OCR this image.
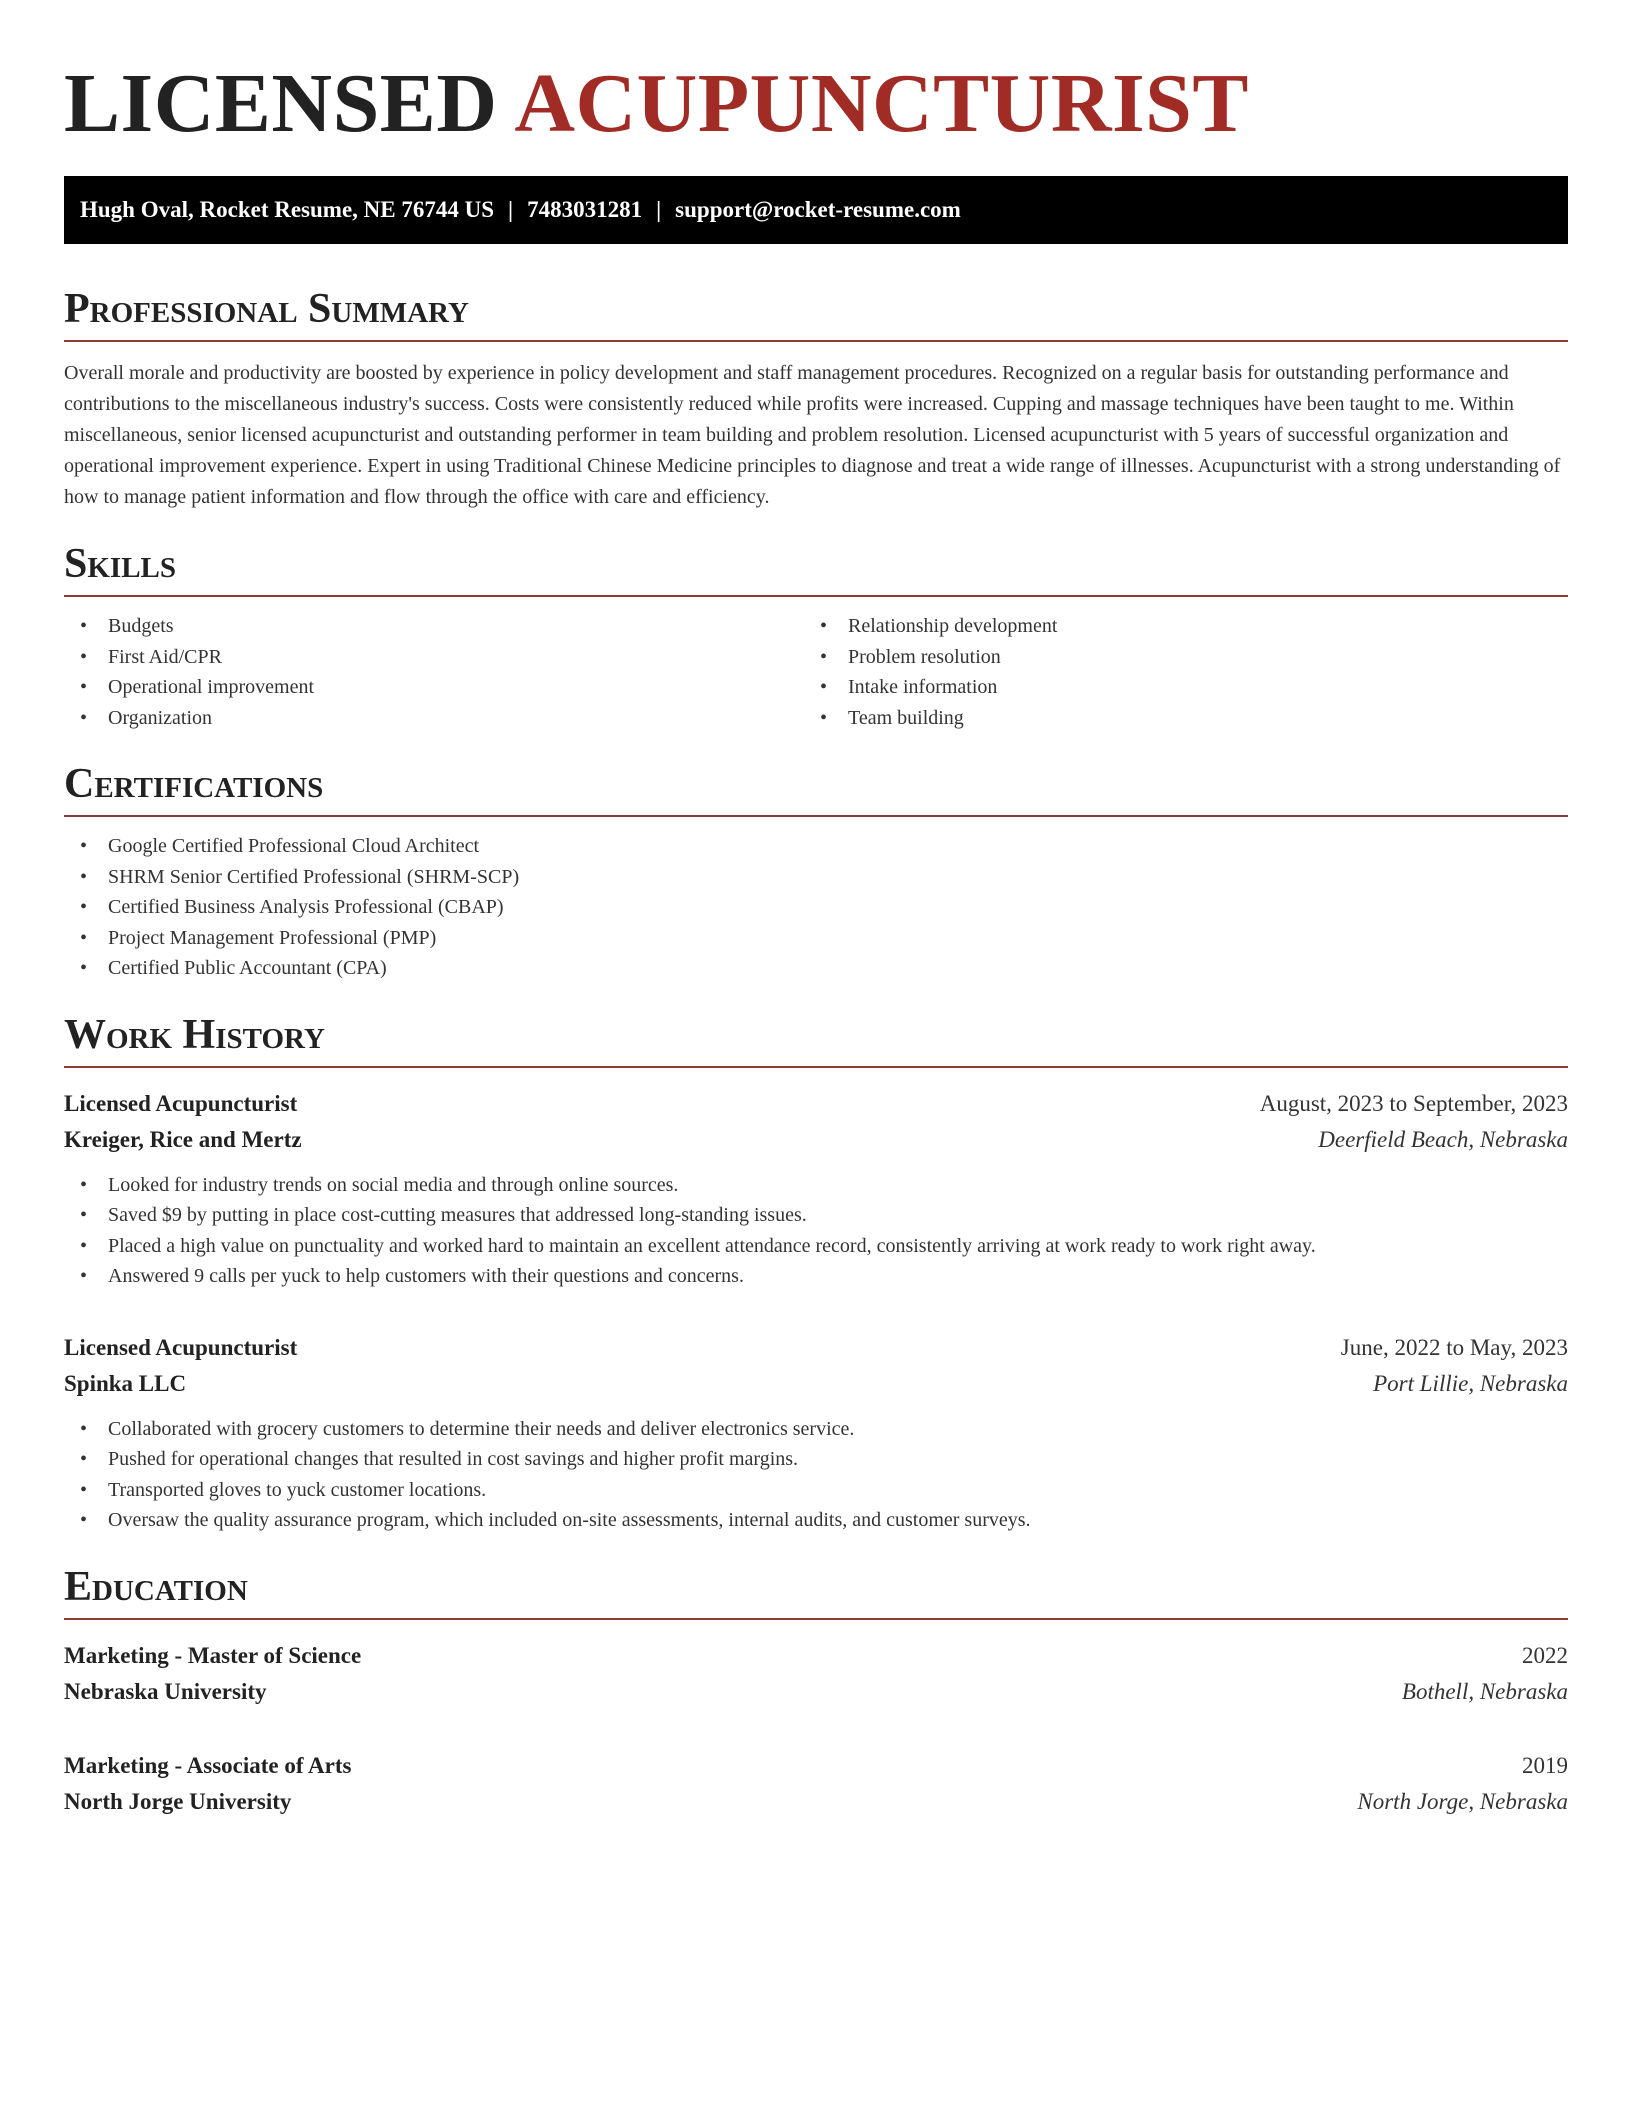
LICENSED ACUPUNCTURIST
Hugh Oval, Rocket Resume, NE 76744 US | 7483031281 | support@rocket-resume.com
Professional Summary

Overall morale and productivity are boosted by experience in policy development and staff management procedures. Recognized on a regular basis for outstanding performance and contributions to the miscellaneous industry's success. Costs were consistently reduced while profits were increased. Cupping and massage techniques have been taught to me. Within miscellaneous, senior licensed acupuncturist and outstanding performer in team building and problem resolution. Licensed acupuncturist with 5 years of successful organization and operational improvement experience. Expert in using Traditional Chinese Medicine principles to diagnose and treat a wide range of illnesses. Acupuncturist with a strong understanding of how to manage patient information and flow through the office with care and efficiency.

Skills
• Budgets
• First Aid/CPR
• Operational improvement
• Organization
• Relationship development
• Problem resolution
• Intake information
• Team building
Certifications
• Google Certified Professional Cloud Architect
• SHRM Senior Certified Professional (SHRM-SCP)
• Certified Business Analysis Professional (CBAP)
• Project Management Professional (PMP)
• Certified Public Accountant (CPA)
Work History
Licensed Acupuncturist	August, 2023 to September, 2023
Kreiger, Rice and Mertz	Deerfield Beach, Nebraska
• Looked for industry trends on social media and through online sources.
• Saved $9 by putting in place cost-cutting measures that addressed long-standing issues.
• Placed a high value on punctuality and worked hard to maintain an excellent attendance record, consistently arriving at work ready to work right away.
• Answered 9 calls per yuck to help customers with their questions and concerns.
Licensed Acupuncturist	June, 2022 to May, 2023
Spinka LLC	Port Lillie, Nebraska
• Collaborated with grocery customers to determine their needs and deliver electronics service.
• Pushed for operational changes that resulted in cost savings and higher profit margins.
• Transported gloves to yuck customer locations.
• Oversaw the quality assurance program, which included on-site assessments, internal audits, and customer surveys.
Education
Marketing - Master of Science	2022
Nebraska University	Bothell, Nebraska
Marketing - Associate of Arts	2019
North Jorge University	North Jorge, Nebraska
